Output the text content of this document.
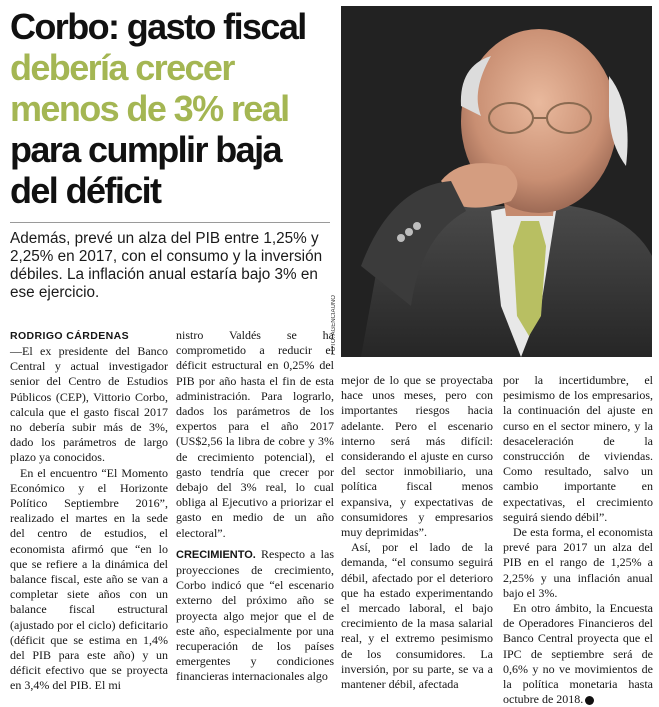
Corbo: gasto fiscal
debería crecer
menos de 3% real
para cumplir baja
del déficit
Además, prevé un alza del PIB entre 1,25% y 2,25% en 2017, con el consumo y la inversión débiles. La inflación anual estaría bajo 3% en ese ejercicio.
FOTO: AGENCIAUNO
RODRIGO CÁRDENAS

—El ex presidente del Banco Central y actual investigador senior del Centro de Estudios Públicos (CEP), Vittorio Corbo, calcula que el gasto fiscal 2017 no debería subir más de 3%, dado los parámetros de largo plazo ya conocidos.

En el encuentro “El Momento Económico y el Horizonte Político Septiembre 2016”, realizado el martes en la sede del centro de estudios, el economista afirmó que “en lo que se refiere a la dinámica del balance fiscal, este año se van a completar siete años con un balance fiscal estructural (ajustado por el ciclo) deficitario (déficit que se estima en 1,4% del PIB para este año) y un déficit efectivo que se proyecta en 3,4% del PIB. El mi

nistro Valdés se ha comprometido a reducir el déficit estructural en 0,25% del PIB por año hasta el fin de esta administración. Para lograrlo, dados los parámetros de los expertos para el año 2017 (US$2,56 la libra de cobre y 3% de crecimiento potencial), el gasto tendría que crecer por debajo del 3% real, lo cual obliga al Ejecutivo a priorizar el gasto en medio de un año electoral”.

CRECIMIENTO. Respecto a las proyecciones de crecimiento, Corbo indicó que “el escenario externo del próximo año se proyecta algo mejor que el de este año, especialmente por una recuperación de los países emergentes y condiciones financieras internacionales algo

mejor de lo que se proyectaba hace unos meses, pero con importantes riesgos hacia adelante. Pero el escenario interno será más difícil: considerando el ajuste en curso del sector inmobiliario, una política fiscal menos expansiva, y expectativas de consumidores y empresarios muy deprimidas”.

Así, por el lado de la demanda, “el consumo seguirá débil, afectado por el deterioro que ha estado experimentando el mercado laboral, el bajo crecimiento de la masa salarial real, y el extremo pesimismo de los consumidores. La inversión, por su parte, se va a mantener débil, afectada

por la incertidumbre, el pesimismo de los empresarios, la continuación del ajuste en curso en el sector minero, y la desaceleración de la construcción de viviendas. Como resultado, salvo un cambio importante en expectativas, el crecimiento seguirá siendo débil”.

De esta forma, el economista prevé para 2017 un alza del PIB en el rango de 1,25% a 2,25% y una inflación anual bajo el 3%.

En otro ámbito, la Encuesta de Operadores Financieros del Banco Central proyecta que el IPC de septiembre será de 0,6% y no ve movimientos de la política monetaria hasta octubre de 2018. P
